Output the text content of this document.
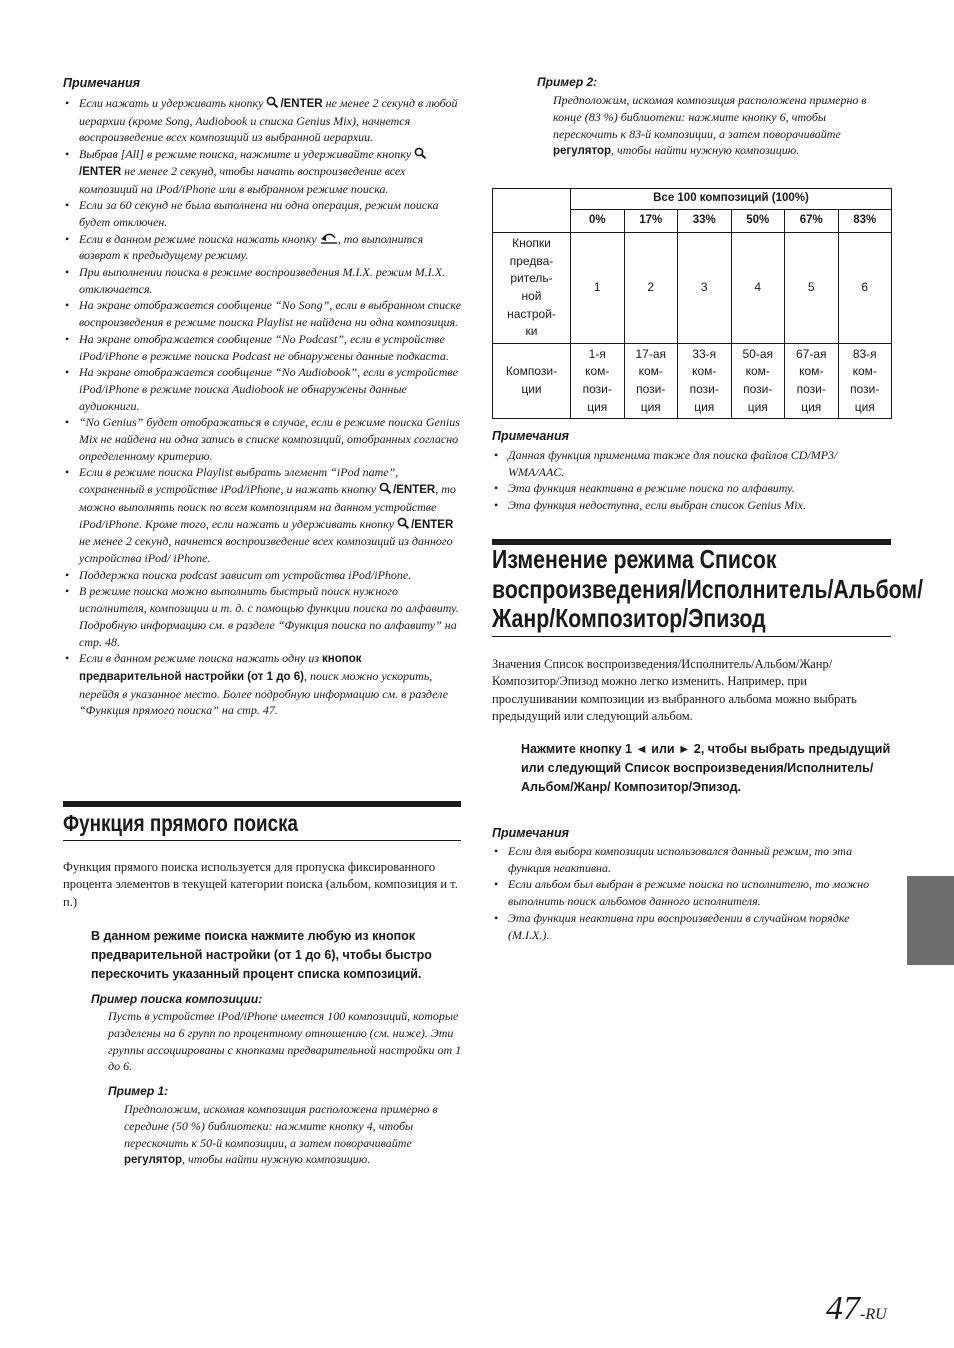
Примечания
• Если нажать и удерживать кнопку /ENTER не менее 2 секунд в любой иерархии (кроме Song, Audiobook и списка Genius Mix), начнется воспроизведение всех композиций из выбранной иерархии.
• Выбрав [All] в режиме поиска, нажмите и удерживайте кнопку /ENTER не менее 2 секунд, чтобы начать воспроизведение всех композиций на iPod/iPhone или в выбранном режиме поиска.
• Если за 60 секунд не была выполнена ни одна операция, режим поиска будет отключен.
• Если в данном режиме поиска нажать кнопку , то выполнится возврат к предыдущему режиму.
• При выполнении поиска в режиме воспроизведения M.I.X. режим M.I.X. отключается.
• На экране отображается сообщение “No Song”, если в выбранном списке воспроизведения в режиме поиска Playlist не найдена ни одна композиция.
• На экране отображается сообщение “No Podcast”, если в устройстве iPod/iPhone в режиме поиска Podcast не обнаружены данные подкаста.
• На экране отображается сообщение “No Audiobook”, если в устройстве iPod/iPhone в режиме поиска Audiobook не обнаружены данные аудиокниги.
• “No Genius” будет отображаться в случае, если в режиме поиска Genius Mix не найдена ни одна запись в списке композиций, отобранных согласно определенному критерию.
• Если в режиме поиска Playlist выбрать элемент “iPod name”, сохраненный в устройстве iPod/iPhone, и нажать кнопку /ENTER, то можно выполнять поиск по всем композициям на данном устройстве iPod/iPhone. Кроме того, если нажать и удерживать кнопку /ENTER не менее 2 секунд, начнется воспроизведение всех композиций из данного устройства iPod/ iPhone.
• Поддержка поиска podcast зависит от устройства iPod/iPhone.
• В режиме поиска можно выполнить быстрый поиск нужного исполнителя, композиции и т. д. с помощью функции поиска по алфавиту. Подробную информацию см. в разделе “Функция поиска по алфавиту” на стр. 48.
• Если в данном режиме поиска нажать одну из кнопок предварительной настройки (от 1 до 6), поиск можно ускорить, перейдя в указанное место. Более подробную информацию см. в разделе “Функция прямого поиска” на стр. 47.
Функция прямого поиска
Функция прямого поиска используется для пропуска фиксированного процента элементов в текущей категории поиска (альбом, композиция и т. п.)
В данном режиме поиска нажмите любую из кнопок предварительной настройки (от 1 до 6), чтобы быстро перескочить указанный процент списка композиций.
Пример поиска композиции:
Пусть в устройстве iPod/iPhone имеется 100 композиций, которые разделены на 6 групп по процентному отношению (см. ниже). Эти группы ассоциированы с кнопками предварительной настройки от 1 до 6.
Пример 1:
Предположим, искомая композиция расположена примерно в середине (50 %) библиотеки: нажмите кнопку 4, чтобы перескочить к 50-й композиции, а затем поворачивайте регулятор, чтобы найти нужную композицию.
Пример 2:
Предположим, искомая композиция расположена примерно в конце (83 %) библиотеки: нажмите кнопку 6, чтобы перескочить к 83-й композиции, а затем поворачивайте регулятор, чтобы найти нужную композицию.
	Все 100 композиций (100%)					
	0%	17%	33%	50%	67%	83%

Кнопки предва-ритель-ной настрой-ки	1	2	3	4	5	6

Компози-ции	1-я ком-пози-ция	17-ая ком-пози-ция	33-я ком-пози-ция	50-ая ком-пози-ция	67-ая ком-пози-ция	83-я ком-пози-ция
Примечания
• Данная функция применима также для поиска файлов CD/MP3/ WMA/AAC.
• Эта функция неактивна в режиме поиска по алфавиту.
• Эта функция недоступна, если выбран список Genius Mix.
Изменение режима Список
воспроизведения/Исполнитель/Альбом/
Жанр/Композитор/Эпизод
Значения Список воспроизведения/Исполнитель/Альбом/Жанр/ Композитор/Эпизод можно легко изменить. Например, при прослушивании композиции из выбранного альбома можно выбрать предыдущий или следующий альбом.
Нажмите кнопку 1 ◄ или ► 2, чтобы выбрать предыдущий или следующий Список воспроизведения/Исполнитель/Альбом/Жанр/ Композитор/Эпизод.
Примечания
• Если для выбора композиции использовался данный режим, то эта функция неактивна.
• Если альбом был выбран в режиме поиска по исполнителю, то можно выполнить поиск альбомов данного исполнителя.
• Эта функция неактивна при воспроизведении в случайном порядке (M.I.X.).
47-RU
